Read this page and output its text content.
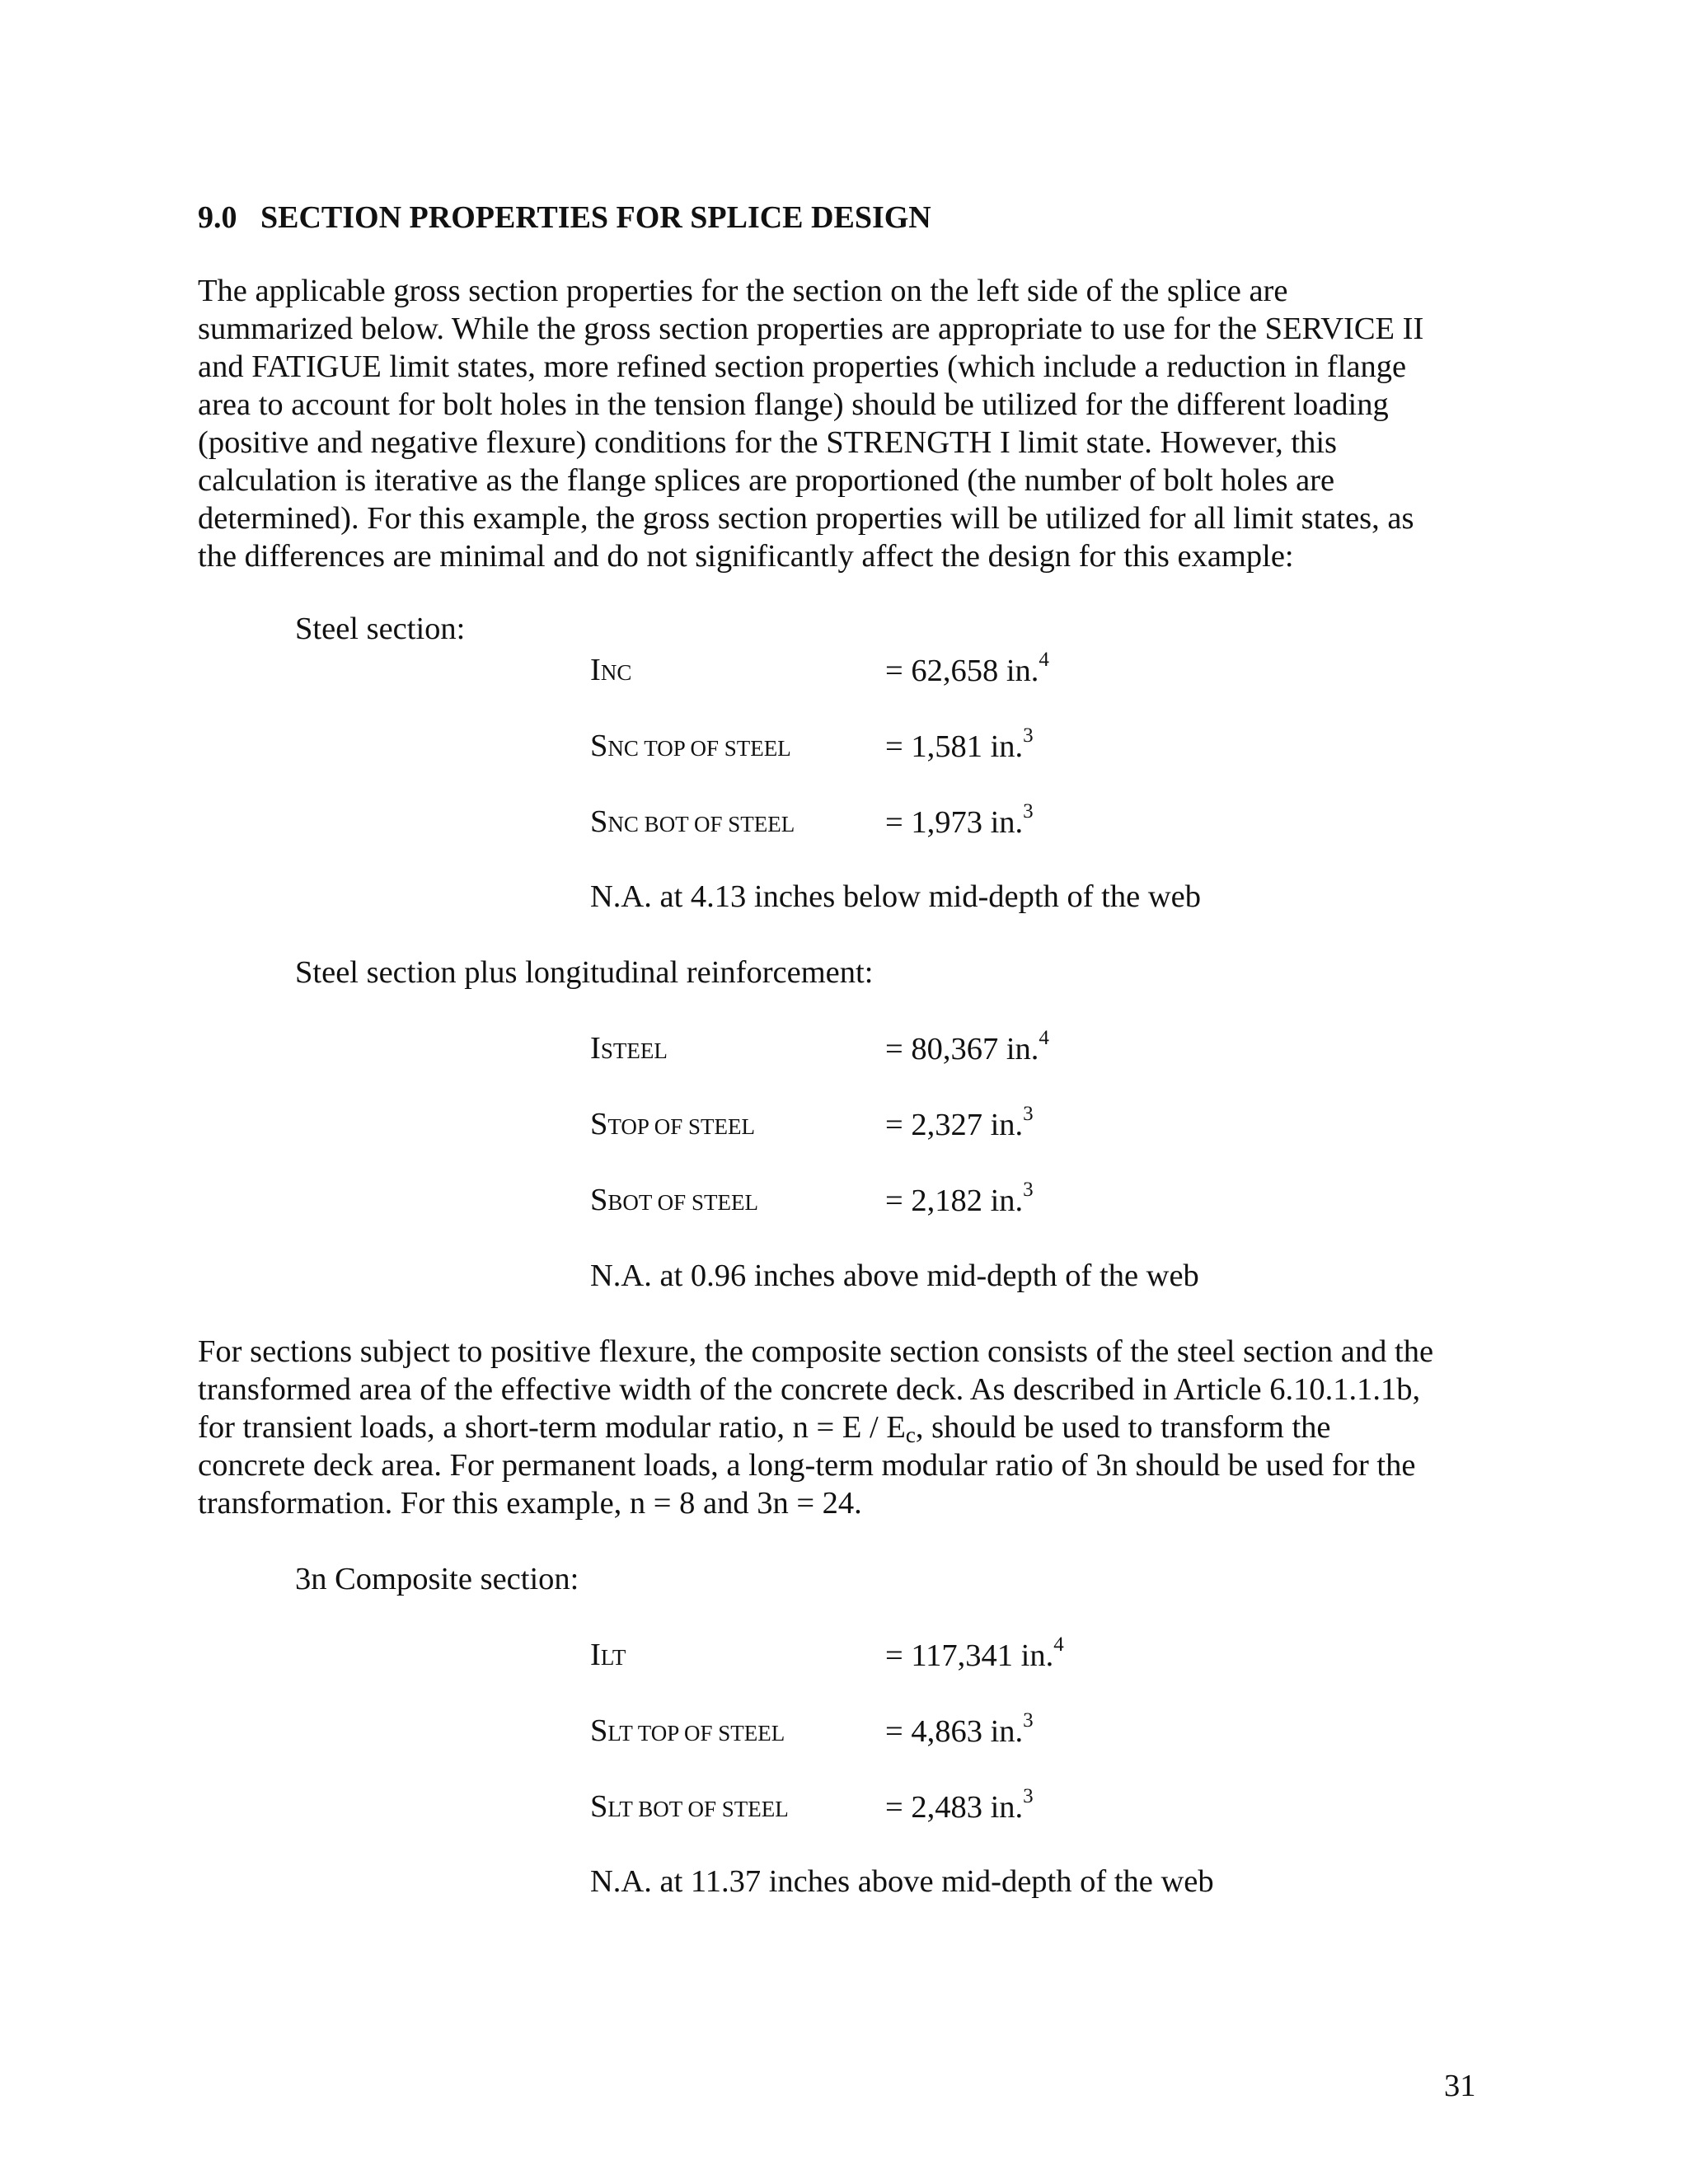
9.0 SECTION PROPERTIES FOR SPLICE DESIGN
The applicable gross section properties for the section on the left side of the splice are
summarized below. While the gross section properties are appropriate to use for the SERVICE II
and FATIGUE limit states, more refined section properties (which include a reduction in flange
area to account for bolt holes in the tension flange) should be utilized for the different loading
(positive and negative flexure) conditions for the STRENGTH I limit state. However, this
calculation is iterative as the flange splices are proportioned (the number of bolt holes are
determined). For this example, the gross section properties will be utilized for all limit states, as
the differences are minimal and do not significantly affect the design for this example:
Steel section:
INC	= 62,658 in.$^4$
SNC TOP OF STEEL	= 1,581 in.$^3$
SNC BOT OF STEEL	= 1,973 in.$^3$
N.A. at 4.13 inches below mid-depth of the web
Steel section plus longitudinal reinforcement:
ISTEEL	= 80,367 in.$^4$
STOP OF STEEL	= 2,327 in.$^3$
SBOT OF STEEL	= 2,182 in.$^3$
N.A. at 0.96 inches above mid-depth of the web
For sections subject to positive flexure, the composite section consists of the steel section and the
transformed area of the effective width of the concrete deck. As described in Article 6.10.1.1.1b,
for transient loads, a short-term modular ratio, n = E / Ec, should be used to transform the
concrete deck area. For permanent loads, a long-term modular ratio of 3n should be used for the
transformation. For this example, n = 8 and 3n = 24.
3n Composite section:
ILT	= 117,341 in.$^4$
SLT TOP OF STEEL	= 4,863 in.$^3$
SLT BOT OF STEEL	= 2,483 in.$^3$
N.A. at 11.37 inches above mid-depth of the web
31
